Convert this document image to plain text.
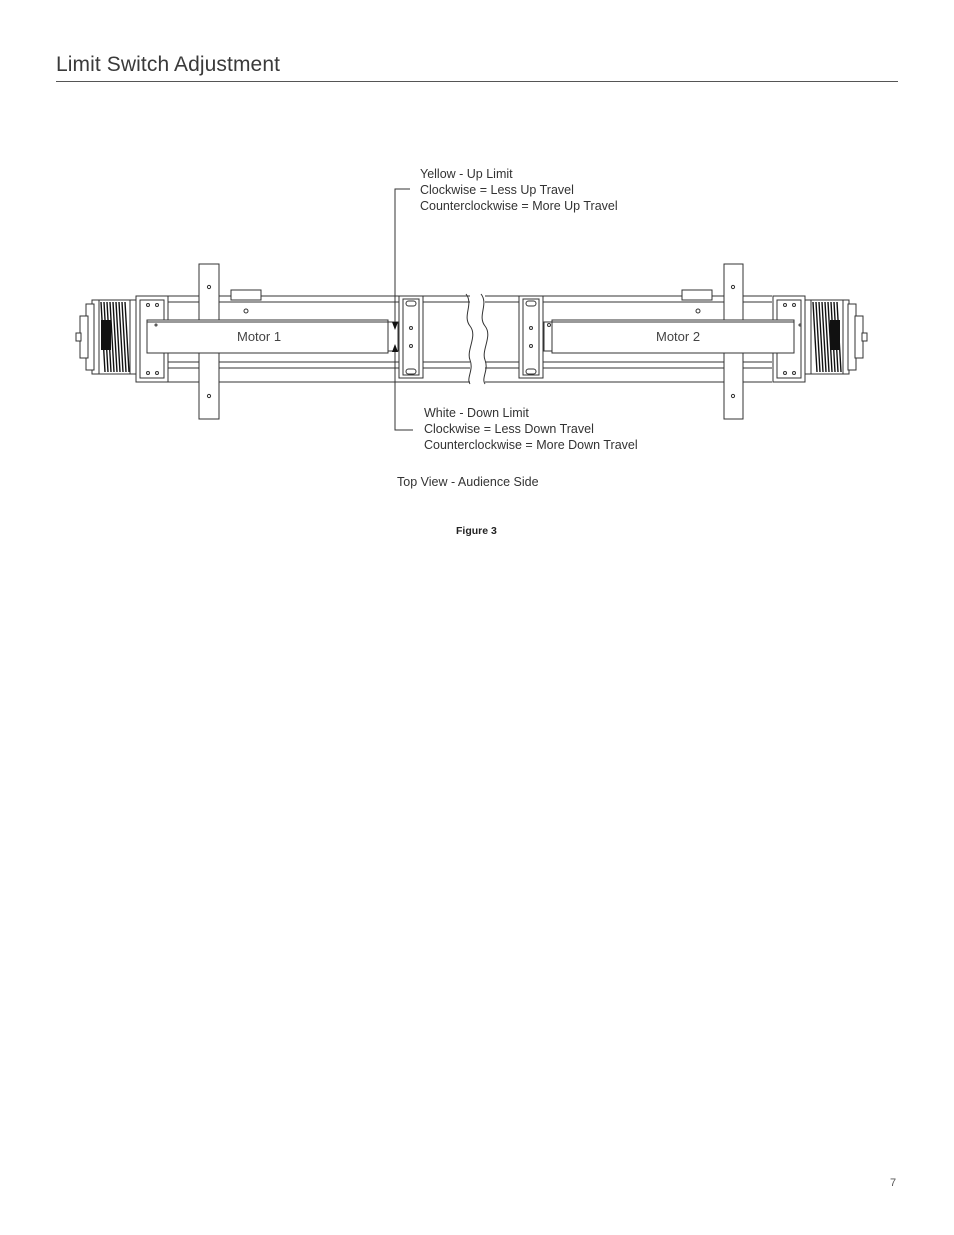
Limit Switch Adjustment
Motor 1	Motor 2
Yellow - Up Limit
Clockwise = Less Up Travel
Counterclockwise = More Up Travel
White - Down Limit
Clockwise = Less Down Travel
Counterclockwise = More Down Travel
Top View - Audience Side
Figure 3
7
